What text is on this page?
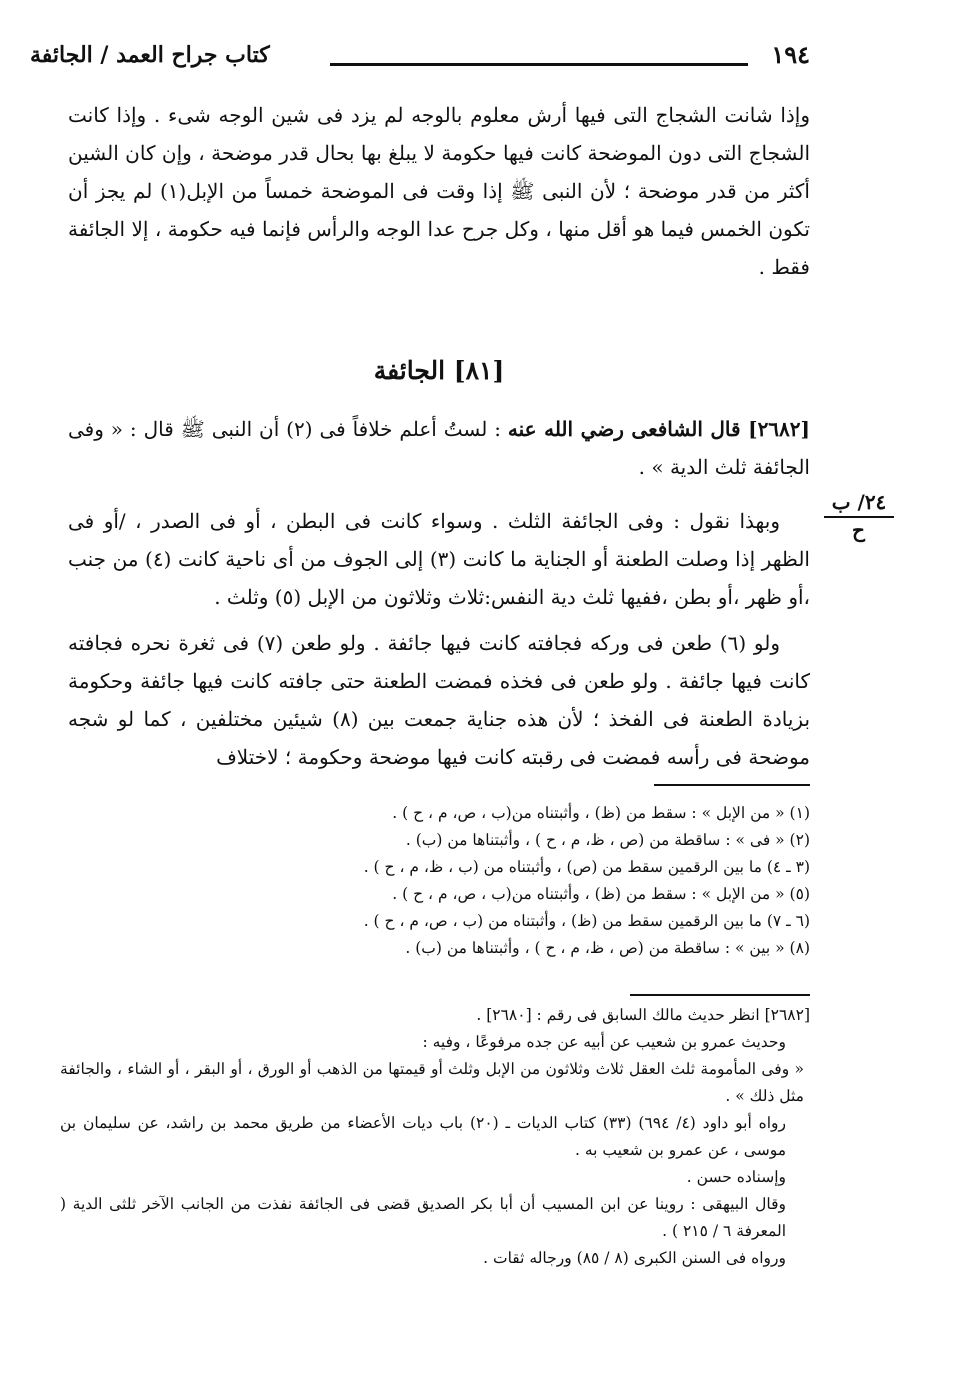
١٩٤
كتاب جراح العمد / الجائفة
وإذا شانت الشجاج التى فيها أرش معلوم بالوجه لم يزد فى شين الوجه شىء . وإذا كانت الشجاج التى دون الموضحة كانت فيها حكومة لا يبلغ بها بحال قدر موضحة ، وإن كان الشين أكثر من قدر موضحة ؛ لأن النبى ﷺ إذا وقت فى الموضحة خمساً من الإبل(١) لم يجز أن تكون الخمس فيما هو أقل منها ، وكل جرح عدا الوجه والرأس فإنما فيه حكومة ، إلا الجائفة فقط .
[٨١] الجائفة
[٢٦٨٢] قال الشافعى رضي الله عنه : لستُ أعلم خلافاً فى (٢) أن النبى ﷺ قال : « وفى الجائفة ثلث الدية » .
وبهذا نقول : وفى الجائفة الثلث . وسواء كانت فى البطن ، أو فى الصدر ، /أو فى الظهر إذا وصلت الطعنة أو الجناية ما كانت (٣) إلى الجوف من أى ناحية كانت (٤) من جنب ،أو ظهر ،أو بطن ،ففيها ثلث دية النفس:ثلاث وثلاثون من الإبل (٥) وثلث .
ولو (٦) طعن فى وركه فجافته كانت فيها جائفة . ولو طعن (٧) فى ثغرة نحره فجافته كانت فيها جائفة . ولو طعن فى فخذه فمضت الطعنة حتى جافته كانت فيها جائفة وحكومة بزيادة الطعنة فى الفخذ ؛ لأن هذه جناية جمعت بين (٨) شيئين مختلفين ، كما لو شجه موضحة فى رأسه فمضت فى رقبته كانت فيها موضحة وحكومة ؛ لاختلاف
٢٤/ ب
ح
(١) « من الإبل » : سقط من (ظ) ، وأثبتناه من(ب ، ص، م ، ح ) .
(٢) « فى » : ساقطة من (ص ، ظ، م ، ح ) ، وأثبتناها من (ب) .
(٣ ـ ٤) ما بين الرقمين سقط من (ص) ، وأثبتناه من (ب ، ظ، م ، ح ) .
(٥) « من الإبل » : سقط من (ظ) ، وأثبتناه من(ب ، ص، م ، ح ) .
(٦ ـ ٧) ما بين الرقمين سقط من (ظ) ، وأثبتناه من (ب ، ص، م ، ح ) .
(٨) « بين » : ساقطة من (ص ، ظ، م ، ح ) ، وأثبتناها من (ب) .
[٢٦٨٢] انظر حديث مالك السابق فى رقم : [٢٦٨٠] .
وحديث عمرو بن شعيب عن أبيه عن جده مرفوعًا ، وفيه :
« وفى المأمومة ثلث العقل ثلاث وثلاثون من الإبل وثلث أو قيمتها من الذهب أو الورق ، أو البقر ، أو الشاء ، والجائفة مثل ذلك » .
رواه أبو داود (٤/ ٦٩٤) (٣٣) كتاب الديات ـ (٢٠) باب ديات الأعضاء من طريق محمد بن راشد، عن سليمان بن موسى ، عن عمرو بن شعيب به .
وإسناده حسن .
وقال البيهقى : روينا عن ابن المسيب أن أبا بكر الصديق قضى فى الجائفة نفذت من الجانب الآخر ثلثى الدية ( المعرفة ٦ / ٢١٥ ) .
ورواه فى السنن الكبرى (٨ / ٨٥) ورجاله ثقات .
